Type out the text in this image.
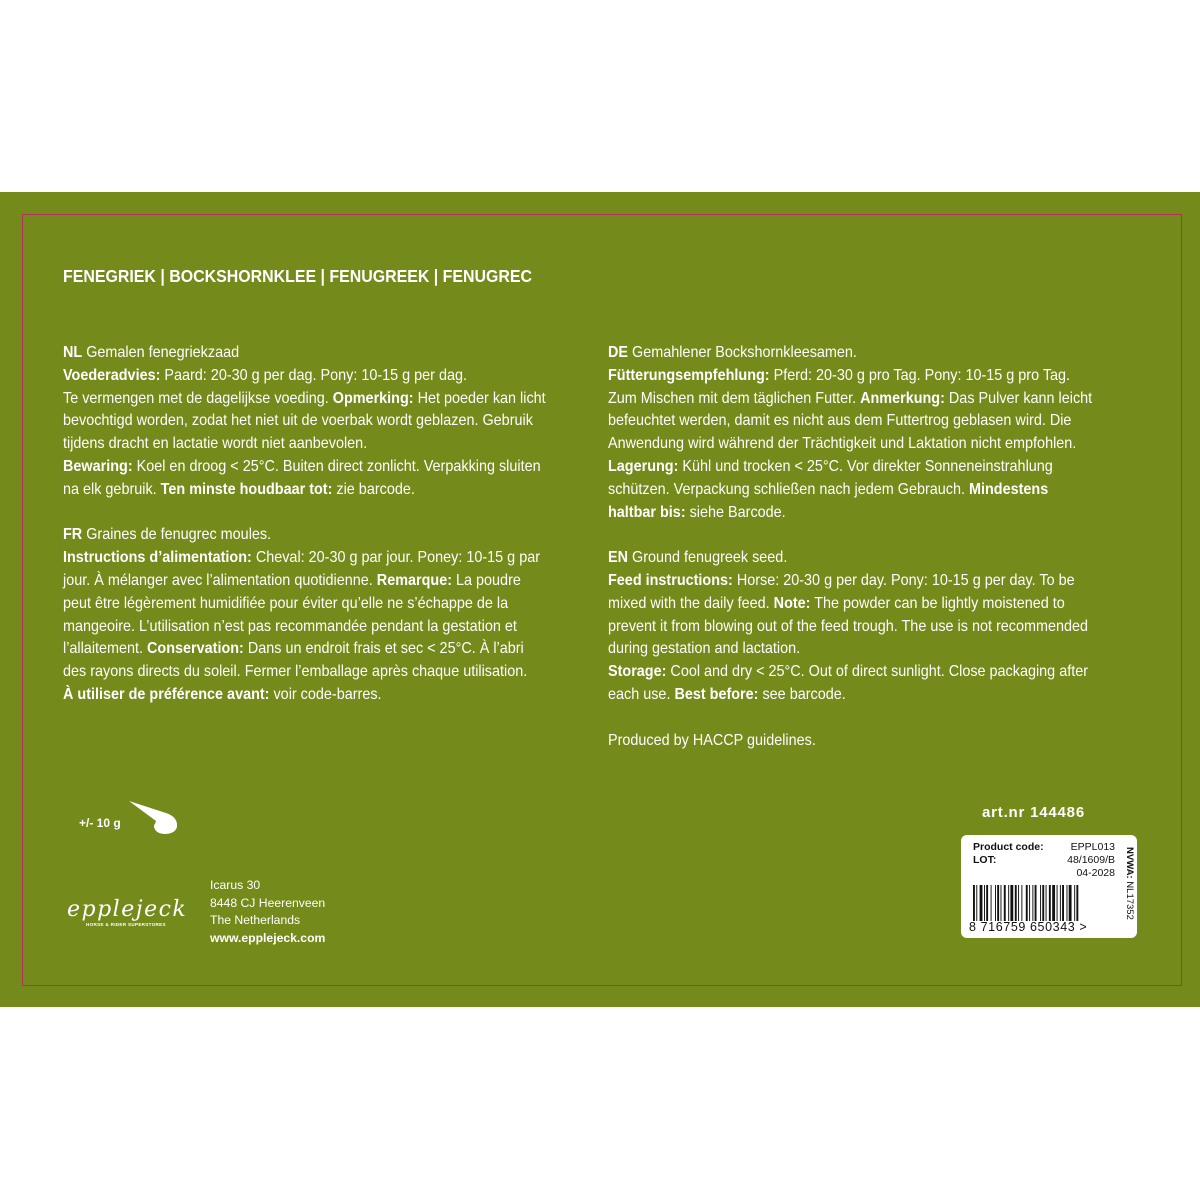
FENEGRIEK | BOCKSHORNKLEE | FENUGREEK | FENUGREC

NL Gemalen fenegriekzaad
Voederadvies: Paard: 20-30 g per dag. Pony: 10-15 g per dag.
Te vermengen met de dagelijkse voeding. Opmerking: Het poeder kan licht
bevochtigd worden, zodat het niet uit de voerbak wordt geblazen. Gebruik
tijdens dracht en lactatie wordt niet aanbevolen.
Bewaring: Koel en droog < 25°C. Buiten direct zonlicht. Verpakking sluiten
na elk gebruik. Ten minste houdbaar tot: zie barcode.

FR Graines de fenugrec moules.
Instructions d’alimentation: Cheval: 20-30 g par jour. Poney: 10-15 g par
jour. À mélanger avec l’alimentation quotidienne. Remarque: La poudre
peut être légèrement humidifiée pour éviter qu’elle ne s’échappe de la
mangeoire. L’utilisation n’est pas recommandée pendant la gestation et
l’allaitement. Conservation: Dans un endroit frais et sec < 25°C. À l’abri
des rayons directs du soleil. Fermer l’emballage après chaque utilisation.
À utiliser de préférence avant: voir code-barres.

DE Gemahlener Bockshornkleesamen.
Fütterungsempfehlung: Pferd: 20-30 g pro Tag. Pony: 10-15 g pro Tag.
Zum Mischen mit dem täglichen Futter. Anmerkung: Das Pulver kann leicht
befeuchtet werden, damit es nicht aus dem Futtertrog geblasen wird. Die
Anwendung wird während der Trächtigkeit und Laktation nicht empfohlen.
Lagerung: Kühl und trocken < 25°C. Vor direkter Sonneneinstrahlung
schützen. Verpackung schließen nach jedem Gebrauch. Mindestens
haltbar bis: siehe Barcode.

EN Ground fenugreek seed.
Feed instructions: Horse: 20-30 g per day. Pony: 10-15 g per day. To be
mixed with the daily feed. Note: The powder can be lightly moistened to
prevent it from blowing out of the feed trough. The use is not recommended
during gestation and lactation.
Storage: Cool and dry < 25°C. Out of direct sunlight. Close packaging after
each use. Best before: see barcode.

Produced by HACCP guidelines.

+/- 10 g
epplejeck
HORSE & RIDER SUPERSTORES
Icarus 30
8448 CJ Heerenveen
The Netherlands
www.epplejeck.com
art.nr 144486
Product code:	EPPL013
LOT:	48/1609/B
04-2028 NVWA: NL17352
8 716759 650343 >
